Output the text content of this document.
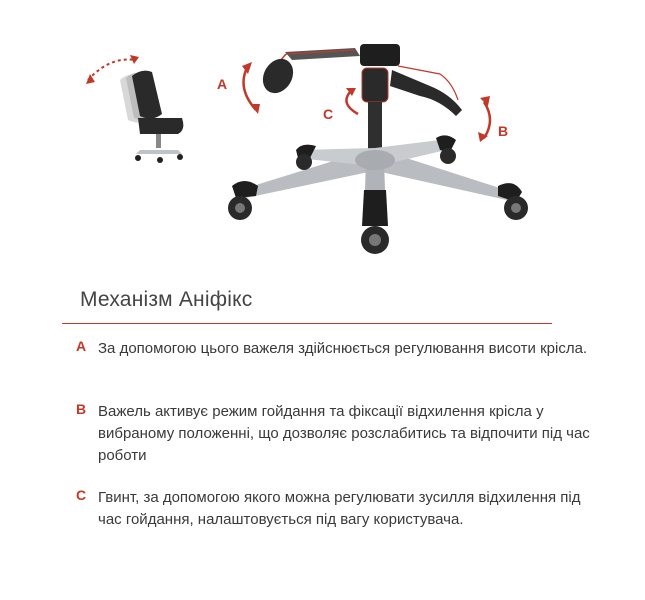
A
B
C
Механізм Аніфікс
A За допомогою цього важеля здійснюється регулювання висоти крісла.
B Важель активує режим гойдання та фіксації відхилення крісла у вибраному положенні, що дозволяє розслабитись та відпочити під час роботи
C Гвинт, за допомогою якого можна регулювати зусилля відхилення під час гойдання, налаштовується під вагу користувача.
